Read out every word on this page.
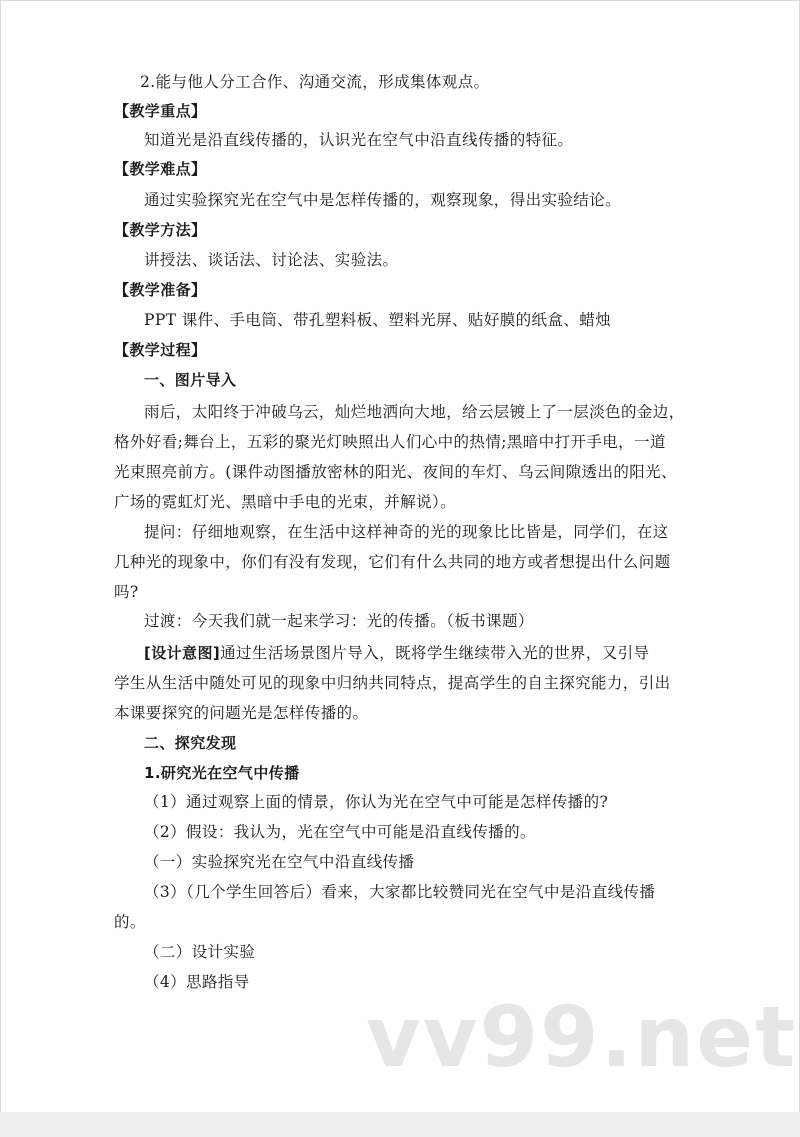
2.能与他人分工合作、沟通交流，形成集体观点。
【教学重点】
知道光是沿直线传播的，认识光在空气中沿直线传播的特征。
【教学难点】
通过实验探究光在空气中是怎样传播的，观察现象，得出实验结论。
【教学方法】
讲授法、谈话法、讨论法、实验法。
【教学准备】
PPT 课件、手电筒、带孔塑料板、塑料光屏、贴好膜的纸盒、蜡烛
【教学过程】
一、图片导入
雨后，太阳终于冲破乌云，灿烂地洒向大地，给云层镀上了一层淡色的金边，
格外好看;舞台上，五彩的聚光灯映照出人们心中的热情;黑暗中打开手电，一道
光束照亮前方。(课件动图播放密林的阳光、夜间的车灯、乌云间隙透出的阳光、
广场的霓虹灯光、黑暗中手电的光束，并解说）。
提问：仔细地观察，在生活中这样神奇的光的现象比比皆是，同学们，在这
几种光的现象中，你们有没有发现，它们有什么共同的地方或者想提出什么问题
吗?
过渡：今天我们就一起来学习：光的传播。（板书课题）
[设计意图]通过生活场景图片导入，既将学生继续带入光的世界，又引导
学生从生活中随处可见的现象中归纳共同特点，提高学生的自主探究能力，引出
本课要探究的问题光是怎样传播的。
二、探究发现
1.研究光在空气中传播
（1）通过观察上面的情景，你认为光在空气中可能是怎样传播的?
（2）假设：我认为，光在空气中可能是沿直线传播的。
（一）实验探究光在空气中沿直线传播
（3）（几个学生回答后）看来，大家都比较赞同光在空气中是沿直线传播
的。
（二）设计实验
（4）思路指导
vv99.net
